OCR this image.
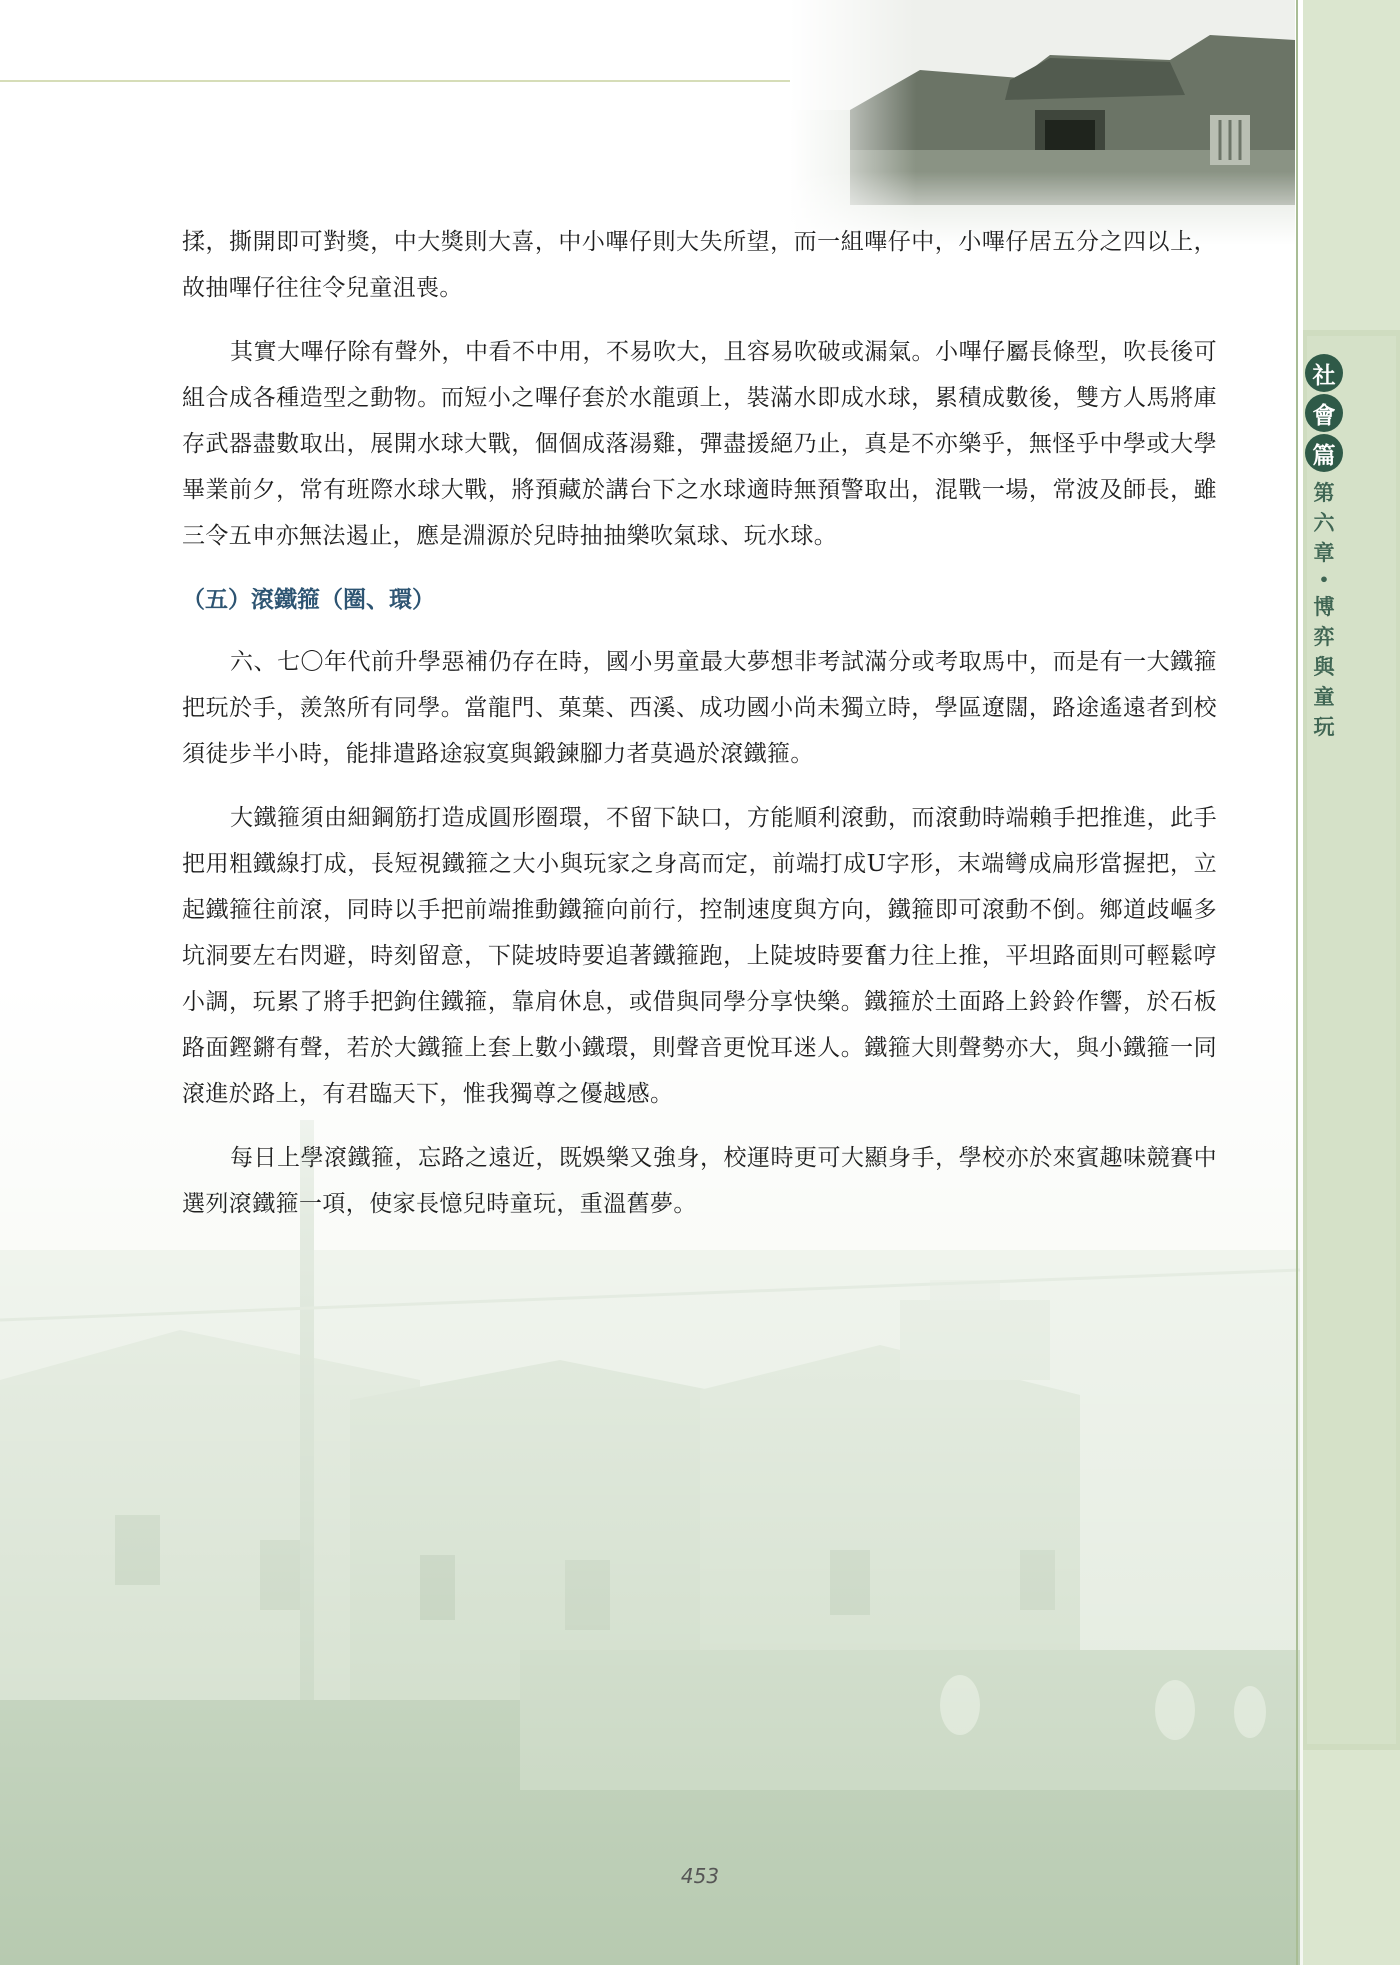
社
會
篇
第
六
章
•
博
弈
與
童
玩

揉，撕開即可對獎，中大獎則大喜，中小嗶仔則大失所望，而一組嗶仔中，小嗶仔居五分之四以上，故抽嗶仔往往令兒童沮喪。

其實大嗶仔除有聲外，中看不中用，不易吹大，且容易吹破或漏氣。小嗶仔屬長條型，吹長後可組合成各種造型之動物。而短小之嗶仔套於水龍頭上，裝滿水即成水球，累積成數後，雙方人馬將庫存武器盡數取出，展開水球大戰，個個成落湯雞，彈盡援絕乃止，真是不亦樂乎，無怪乎中學或大學畢業前夕，常有班際水球大戰，將預藏於講台下之水球適時無預警取出，混戰一場，常波及師長，雖三令五申亦無法遏止，應是淵源於兒時抽抽樂吹氣球、玩水球。

（五）滾鐵箍（圈、環）

六、七〇年代前升學惡補仍存在時，國小男童最大夢想非考試滿分或考取馬中，而是有一大鐵箍把玩於手，羨煞所有同學。當龍門、菓葉、西溪、成功國小尚未獨立時，學區遼闊，路途遙遠者到校須徒步半小時，能排遣路途寂寞與鍛鍊腳力者莫過於滾鐵箍。

大鐵箍須由細鋼筋打造成圓形圈環，不留下缺口，方能順利滾動，而滾動時端賴手把推進，此手把用粗鐵線打成，長短視鐵箍之大小與玩家之身高而定，前端打成U字形，末端彎成扁形當握把，立起鐵箍往前滾，同時以手把前端推動鐵箍向前行，控制速度與方向，鐵箍即可滾動不倒。鄉道歧嶇多坑洞要左右閃避，時刻留意，下陡坡時要追著鐵箍跑，上陡坡時要奮力往上推，平坦路面則可輕鬆哼小調，玩累了將手把鉤住鐵箍，靠肩休息，或借與同學分享快樂。鐵箍於土面路上鈴鈴作響，於石板路面鏗鏘有聲，若於大鐵箍上套上數小鐵環，則聲音更悅耳迷人。鐵箍大則聲勢亦大，與小鐵箍一同滾進於路上，有君臨天下，惟我獨尊之優越感。

每日上學滾鐵箍，忘路之遠近，既娛樂又強身，校運時更可大顯身手，學校亦於來賓趣味競賽中選列滾鐵箍一項，使家長憶兒時童玩，重溫舊夢。

453
